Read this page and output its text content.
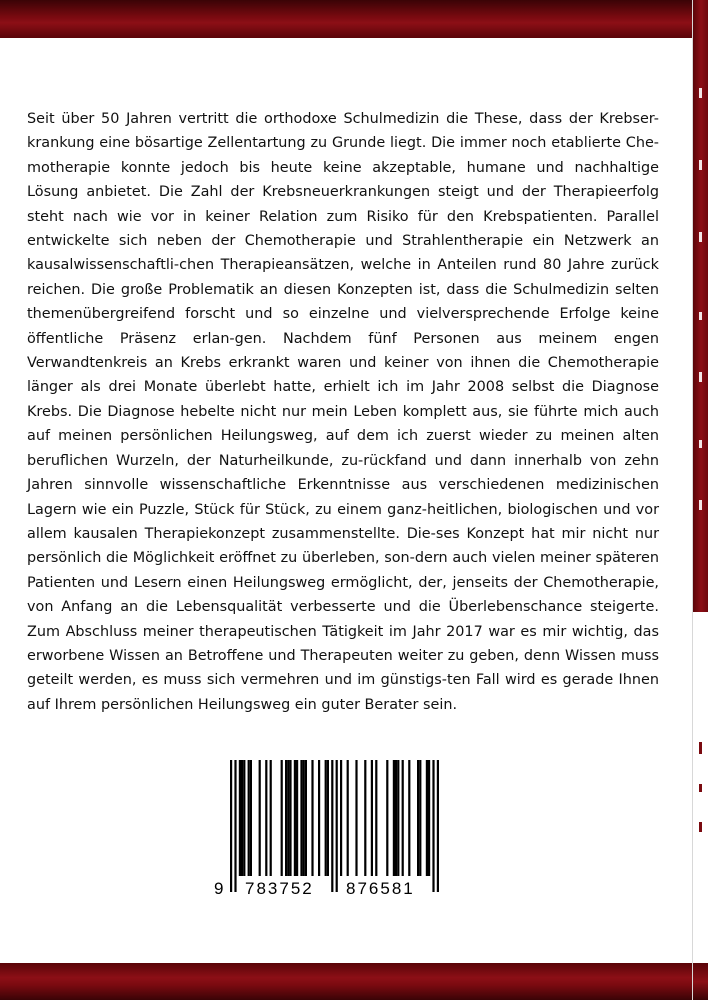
Seit über 50 Jahren vertritt die orthodoxe Schulmedizin die These, dass der Krebser-krankung eine bösartige Zellentartung zu Grunde liegt. Die immer noch etablierte Che-motherapie konnte jedoch bis heute keine akzeptable, humane und nachhaltige Lösung anbietet. Die Zahl der Krebsneuerkrankungen steigt und der Therapieerfolg steht nach wie vor in keiner Relation zum Risiko für den Krebspatienten. Parallel entwickelte sich neben der Chemotherapie und Strahlentherapie ein Netzwerk an kausalwissenschaftli-chen Therapieansätzen, welche in Anteilen rund 80 Jahre zurück reichen. Die große Problematik an diesen Konzepten ist, dass die Schulmedizin selten themenübergreifend forscht und so einzelne und vielversprechende Erfolge keine öffentliche Präsenz erlan-gen. Nachdem fünf Personen aus meinem engen Verwandtenkreis an Krebs erkrankt waren und keiner von ihnen die Chemotherapie länger als drei Monate überlebt hatte, erhielt ich im Jahr 2008 selbst die Diagnose Krebs. Die Diagnose hebelte nicht nur mein Leben komplett aus, sie führte mich auch auf meinen persönlichen Heilungsweg, auf dem ich zuerst wieder zu meinen alten beruflichen Wurzeln, der Naturheilkunde, zu-rückfand und dann innerhalb von zehn Jahren sinnvolle wissenschaftliche Erkenntnisse aus verschiedenen medizinischen Lagern wie ein Puzzle, Stück für Stück, zu einem ganz-heitlichen, biologischen und vor allem kausalen Therapiekonzept zusammenstellte. Die-ses Konzept hat mir nicht nur persönlich die Möglichkeit eröffnet zu überleben, son-dern auch vielen meiner späteren Patienten und Lesern einen Heilungsweg ermöglicht, der, jenseits der Chemotherapie, von Anfang an die Lebensqualität verbesserte und die Überlebenschance steigerte. Zum Abschluss meiner therapeutischen Tätigkeit im Jahr 2017 war es mir wichtig, das erworbene Wissen an Betroffene und Therapeuten weiter zu geben, denn Wissen muss geteilt werden, es muss sich vermehren und im günstigs-ten Fall wird es gerade Ihnen auf Ihrem persönlichen Heilungsweg ein guter Berater sein.

9 783752 876581
